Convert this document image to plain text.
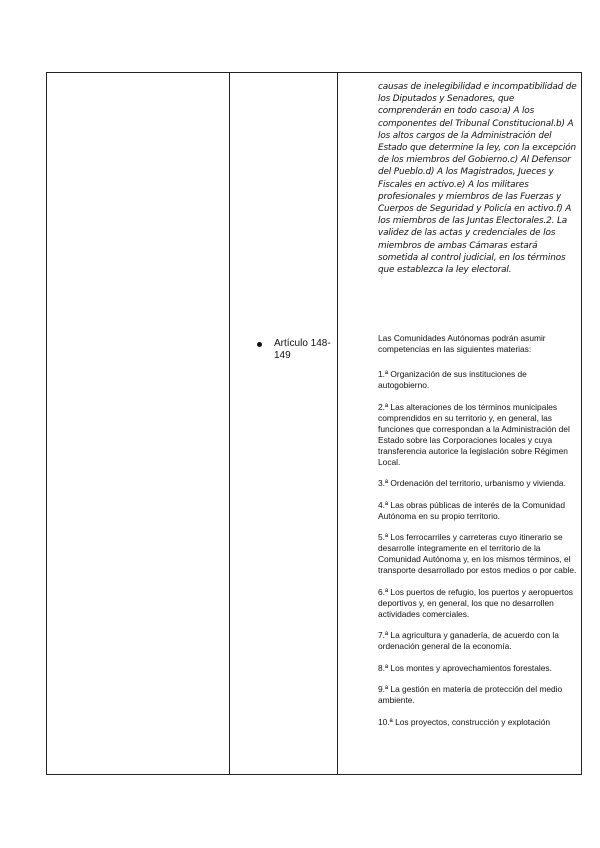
causas de inelegibilidad e incompatibilidad de los Diputados y Senadores, que comprenderán en todo caso:a) A los componentes del Tribunal Constitucional.b) A los altos cargos de la Administración del Estado que determine la ley, con la excepción de los miembros del Gobierno.c) Al Defensor del Pueblo.d) A los Magistrados, Jueces y Fiscales en activo.e) A los militares profesionales y miembros de las Fuerzas y Cuerpos de Seguridad y Policía en activo.f) A los miembros de las Juntas Electorales.2. La validez de las actas y credenciales de los miembros de ambas Cámaras estará sometida al control judicial, en los términos que establezca la ley electoral.
Artículo 148-149

Las Comunidades Autónomas podrán asumir competencias en las siguientes materias:

1.ª Organización de sus instituciones de autogobierno.

2.ª Las alteraciones de los términos municipales comprendidos en su territorio y, en general, las funciones que correspondan a la Administración del Estado sobre las Corporaciones locales y cuya transferencia autorice la legislación sobre Régimen Local.

3.ª Ordenación del territorio, urbanismo y vivienda.

4.ª Las obras públicas de interés de la Comunidad Autónoma en su propio territorio.

5.ª Los ferrocarriles y carreteras cuyo itinerario se desarrolle íntegramente en el territorio de la Comunidad Autónoma y, en los mismos términos, el transporte desarrollado por estos medios o por cable.

6.ª Los puertos de refugio, los puertos y aeropuertos deportivos y, en general, los que no desarrollen actividades comerciales.

7.ª La agricultura y ganadería, de acuerdo con la ordenación general de la economía.

8.ª Los montes y aprovechamientos forestales.

9.ª La gestión en materia de protección del medio ambiente.

10.ª Los proyectos, construcción y explotación
